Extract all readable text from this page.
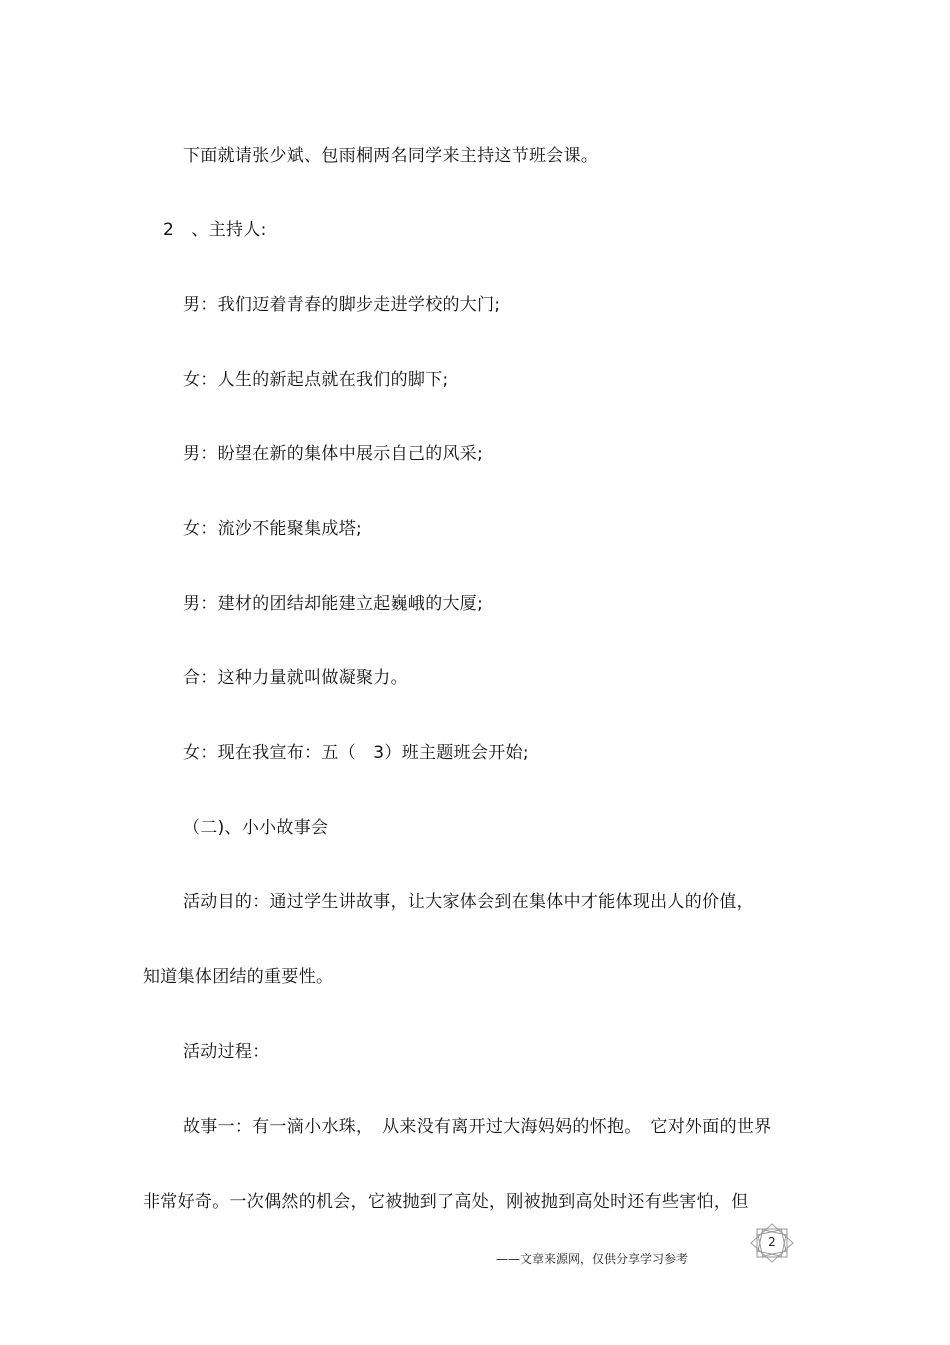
下面就请张少斌、包雨桐两名同学来主持这节班会课。
2　、主持人:
男：我们迈着青春的脚步走进学校的大门;
女：人生的新起点就在我们的脚下;
男：盼望在新的集体中展示自己的风采;
女：流沙不能聚集成塔;
男：建材的团结却能建立起巍峨的大厦;
合：这种力量就叫做凝聚力。
女：现在我宣布：五（　3）班主题班会开始;
（二)、小小故事会
活动目的：通过学生讲故事，让大家体会到在集体中才能体现出人的价值，
知道集体团结的重要性。
活动过程：
故事一：有一滴小水珠，　从来没有离开过大海妈妈的怀抱。　它对外面的世界
非常好奇。一次偶然的机会，它被抛到了高处，刚被抛到高处时还有些害怕，但
——文章来源网，仅供分享学习参考
2
